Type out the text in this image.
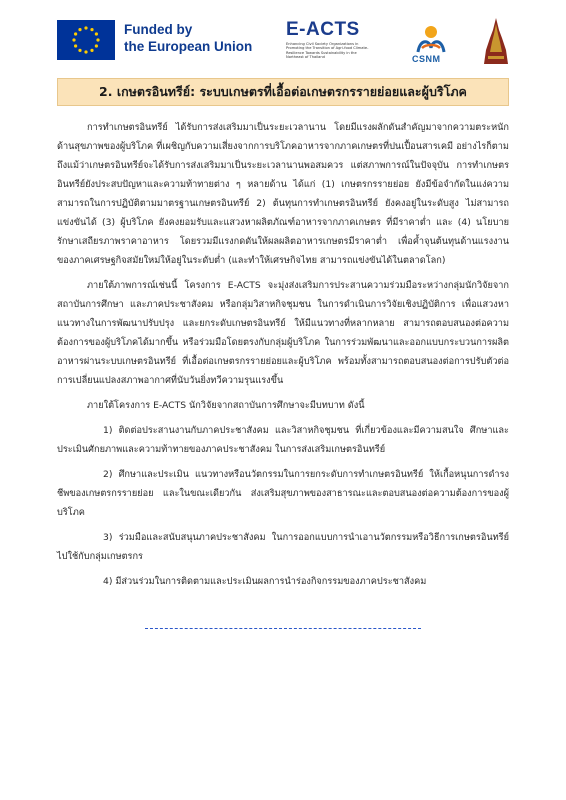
Funded by
the European Union
E-ACTS
Enhancing Civil Society Organizations in Promoting the Transition of Agri-food Climate-Resilience Towards Sustainability in the Northeast of Thailand	CSNM
2. เกษตรอินทรีย์: ระบบเกษตรที่เอื้อต่อเกษตรกรรายย่อยและผู้บริโภค

การทำเกษตรอินทรีย์ ได้รับการส่งเสริมมาเป็นระยะเวลานาน โดยมีแรงผลักดันสำคัญมาจากความตระหนักด้านสุขภาพของผู้บริโภค ที่เผชิญกับความเสี่ยงจากการบริโภคอาหารจากภาคเกษตรที่ปนเปื้อนสารเคมี อย่างไรก็ตาม ถึงแม้ว่าเกษตรอินทรีย์จะได้รับการส่งเสริมมาเป็นระยะเวลานานพอสมควร แต่สภาพการณ์ในปัจจุบัน การทำเกษตรอินทรีย์ยังประสบปัญหาและความท้าทายต่าง ๆ หลายด้าน ได้แก่ (1) เกษตรกรรายย่อย ยังมีข้อจำกัดในแง่ความสามารถในการปฏิบัติตามมาตรฐานเกษตรอินทรีย์ 2) ต้นทุนการทำเกษตรอินทรีย์ ยังคงอยู่ในระดับสูง ไม่สามารถแข่งขันได้ (3) ผู้บริโภค ยังคงยอมรับและแสวงหาผลิตภัณฑ์อาหารจากภาคเกษตร ที่มีราคาต่ำ และ (4) นโยบายรักษาเสถียรภาพราคาอาหาร โดยรวมมีแรงกดดันให้ผลผลิตอาหารเกษตรมีราคาต่ำ เพื่อค้ำจุนต้นทุนด้านแรงงานของภาคเศรษฐกิจสมัยใหม่ให้อยู่ในระดับต่ำ (และทำให้เศรษกิจไทย สามารถแข่งขันได้ในตลาดโลก)

ภายใต้ภาพการณ์เช่นนี้ โครงการ E-ACTS จะมุ่งส่งเสริมการประสานความร่วมมือระหว่างกลุ่มนักวิจัยจากสถาบันการศึกษา และภาคประชาสังคม หรือกลุ่มวิสาหกิจชุมชน ในการดำเนินการวิจัยเชิงปฏิบัติการ เพื่อแสวงหาแนวทางในการพัฒนาปรับปรุง และยกระดับเกษตรอินทรีย์ ให้มีแนวทางที่หลากหลาย สามารถตอบสนองต่อความต้องการของผู้บริโภคได้มากขึ้น หรือร่วมมือโดยตรงกับกลุ่มผู้บริโภค ในการร่วมพัฒนาและออกแบบกระบวนการผลิตอาหารผ่านระบบเกษตรอินทรีย์ ที่เอื้อต่อเกษตรกรรายย่อยและผู้บริโภค พร้อมทั้งสามารถตอบสนองต่อการปรับตัวต่อการเปลี่ยนแปลงสภาพอากาศที่นับวันยิ่งทวีความรุนแรงขึ้น

ภายใต้โครงการ E-ACTS นักวิจัยจากสถาบันการศึกษาจะมีบทบาท ดังนี้

1) ติดต่อประสานงานกับภาคประชาสังคม และวิสาหกิจชุมชน ที่เกี่ยวข้องและมีความสนใจ ศึกษาและประเมินศักยภาพและความท้าทายของภาคประชาสังคม ในการส่งเสริมเกษตรอินทรีย์

2) ศึกษาและประเมิน แนวทางหรือนวัตกรรมในการยกระดับการทำเกษตรอินทรีย์ ให้เกื้อหนุนการดำรงชีพของเกษตรกรรายย่อย และในขณะเดียวกัน ส่งเสริมสุขภาพของสาธารณะและตอบสนองต่อความต้องการของผู้บริโภค

3) ร่วมมือและสนับสนุนภาคประชาสังคม ในการออกแบบการนำเอานวัตกรรมหรือวิธีการเกษตรอินทรีย์ ไปใช้กับกลุ่มเกษตรกร

4) มีส่วนร่วมในการติดตามและประเมินผลการนำร่องกิจกรรมของภาคประชาสังคม
